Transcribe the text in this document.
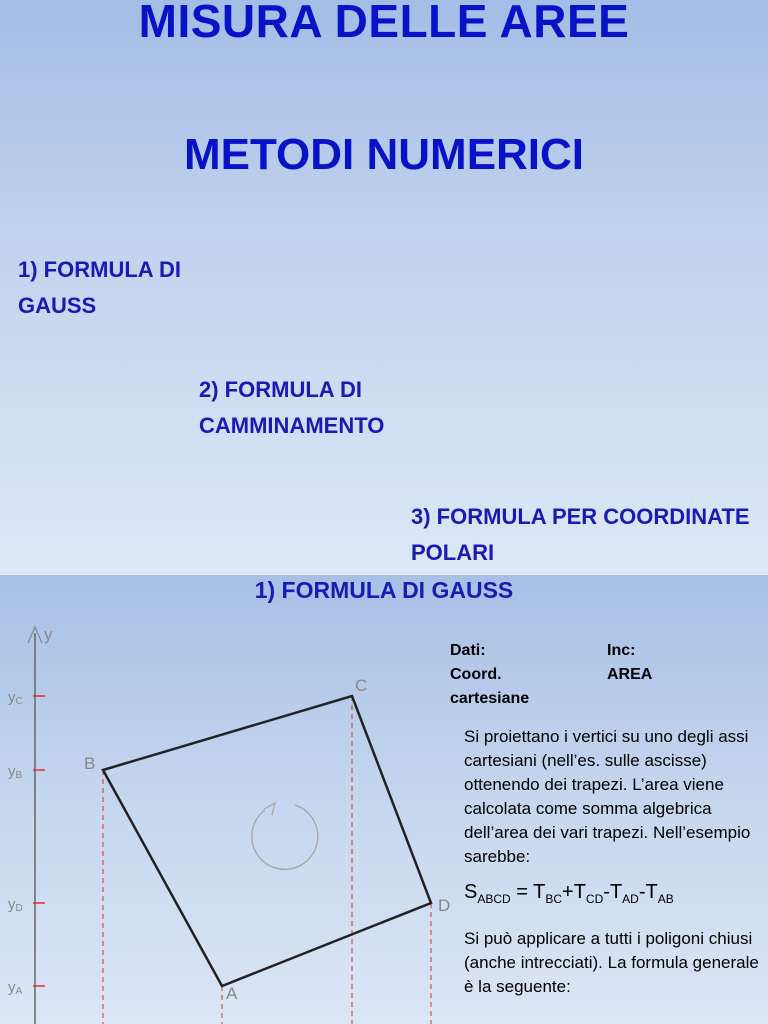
MISURA DELLE AREE
METODI NUMERICI
1) FORMULA DI GAUSS
2) FORMULA DI CAMMINAMENTO
3) FORMULA PER COORDINATE POLARI
1) FORMULA DI GAUSS
y
yC
yB
yD
yA
B
C
D
A
Dati:
Coord. cartesiane
Inc:
AREA
Si proiettano i vertici su uno degli assi cartesiani (nell’es. sulle ascisse) ottenendo dei trapezi. L’area viene calcolata come somma algebrica dell’area dei vari trapezi. Nell’esempio sarebbe:
$S_{ABCD} = T_{BC}+T_{CD}-T_{AD}-T_{AB}$
Si può applicare a tutti i poligoni chiusi (anche intrecciati). La formula generale è la seguente:
